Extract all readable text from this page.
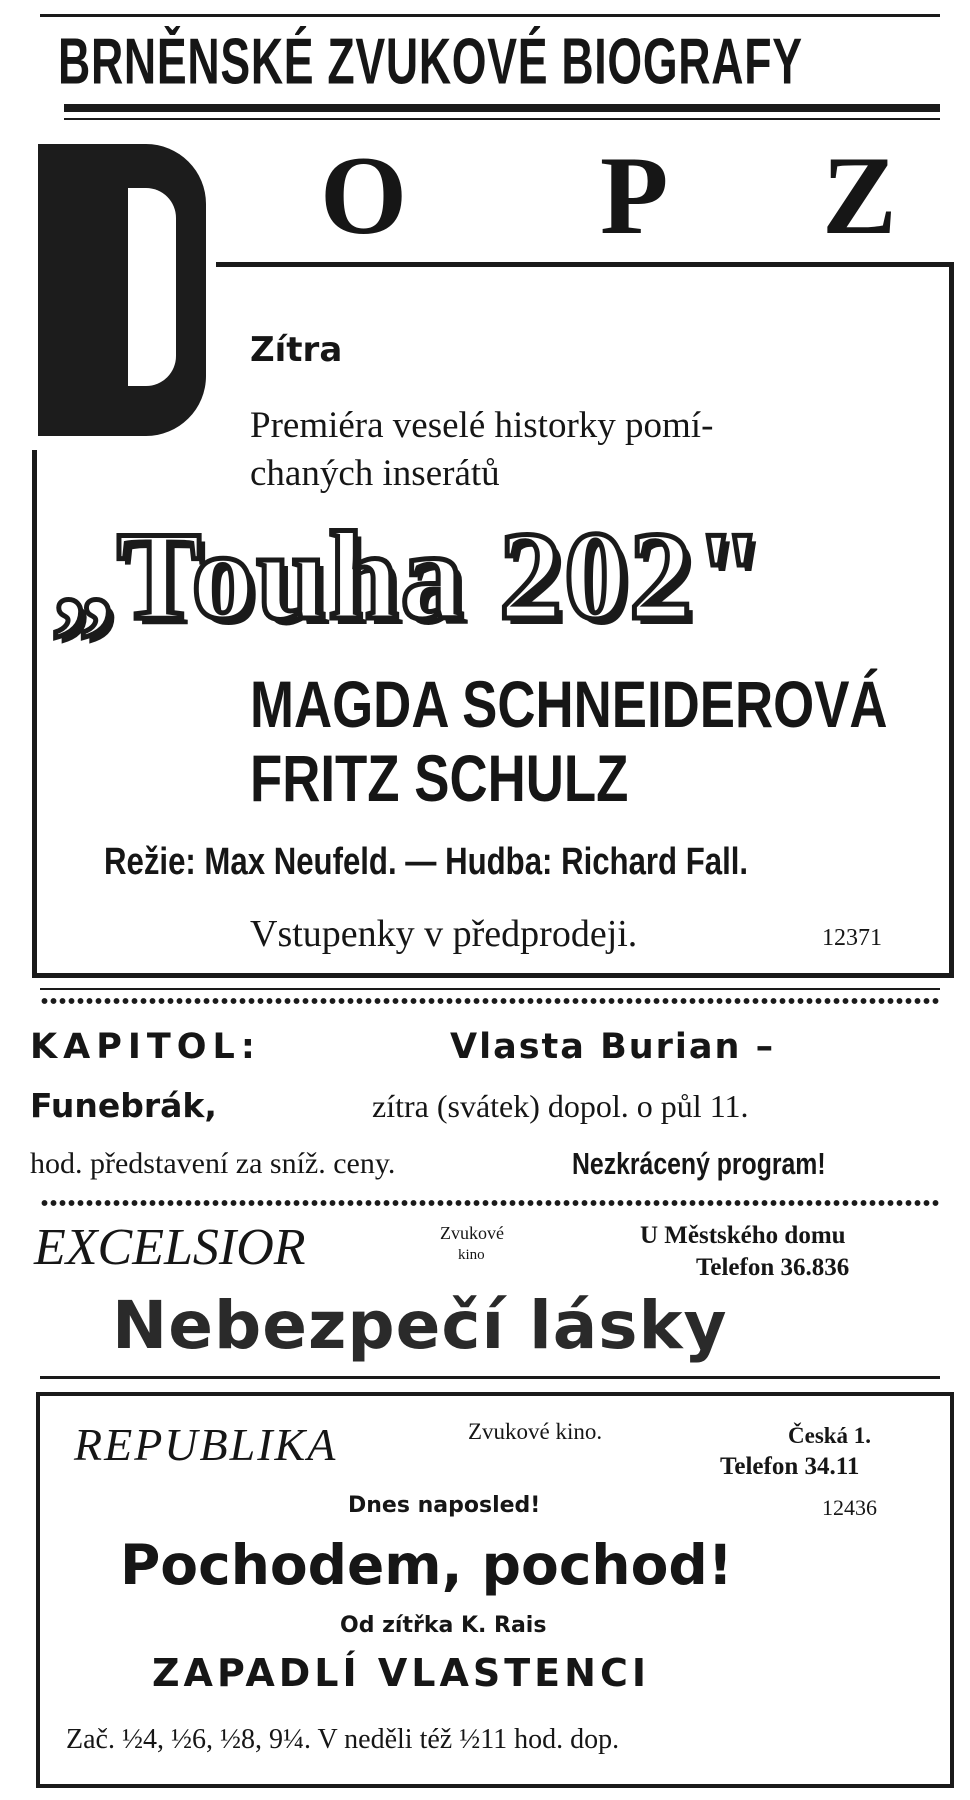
BRNĚNSKÉ ZVUKOVÉ BIOGRAFY
O P Z
Zítra
Premiéra veselé historky pomí-
chaných inserátů
„Touha 202"
MAGDA SCHNEIDEROVÁ
FRITZ SCHULZ
Režie: Max Neufeld. — Hudba: Richard Fall.
Vstupenky v předprodeji.	12371
KAPITOL:	Vlasta Burian –
Funebrák,	zítra (svátek) dopol. o půl 11.
hod. představení za sníž. ceny.	Nezkrácený program!
EXCELSIOR	Zvukové
kino
U Městského domu
Telefon 36.836
Nebezpečí lásky
REPUBLIKA	Zvukové kino.	Česká 1.
Telefon 34.11
Dnes naposled!	12436
Pochodem, pochod!
Od zítřka K. Rais
ZAPADLÍ VLASTENCI
Zač. ½4, ½6, ½8, 9¼. V neděli též ½11 hod. dop.
